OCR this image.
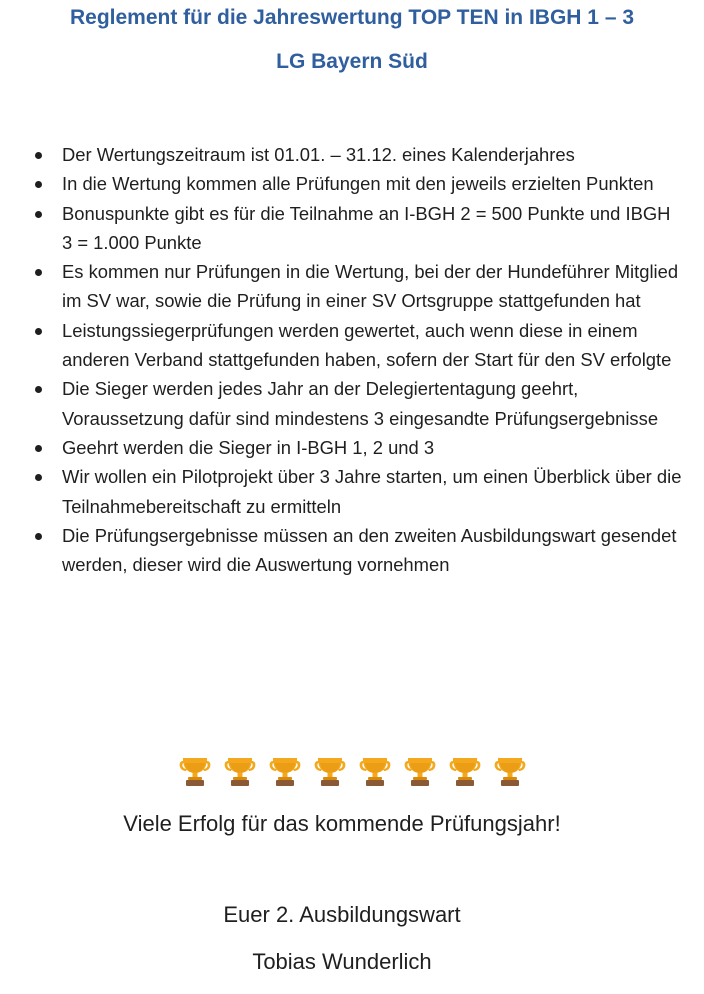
Reglement für die Jahreswertung TOP TEN in IBGH 1 – 3
LG Bayern Süd
Der Wertungszeitraum ist 01.01. – 31.12. eines Kalenderjahres
In die Wertung kommen alle Prüfungen mit den jeweils erzielten Punkten
Bonuspunkte gibt es für die Teilnahme an I-BGH 2 = 500 Punkte und IBGH 3 = 1.000 Punkte
Es kommen nur Prüfungen in die Wertung, bei der der Hundeführer Mitglied im SV war, sowie die Prüfung in einer SV Ortsgruppe stattgefunden hat
Leistungssiegerprüfungen werden gewertet, auch wenn diese in einem anderen Verband stattgefunden haben, sofern der Start für den SV erfolgte
Die Sieger werden jedes Jahr an der Delegiertentagung geehrt, Voraussetzung dafür sind mindestens 3 eingesandte Prüfungsergebnisse
Geehrt werden die Sieger in I-BGH 1, 2 und 3
Wir wollen ein Pilotprojekt über 3 Jahre starten, um einen Überblick über die Teilnahmebereitschaft zu ermitteln
Die Prüfungsergebnisse müssen an den zweiten Ausbildungswart gesendet werden, dieser wird die Auswertung vornehmen
Viele Erfolg für das kommende Prüfungsjahr!
Euer 2. Ausbildungswart
Tobias Wunderlich
